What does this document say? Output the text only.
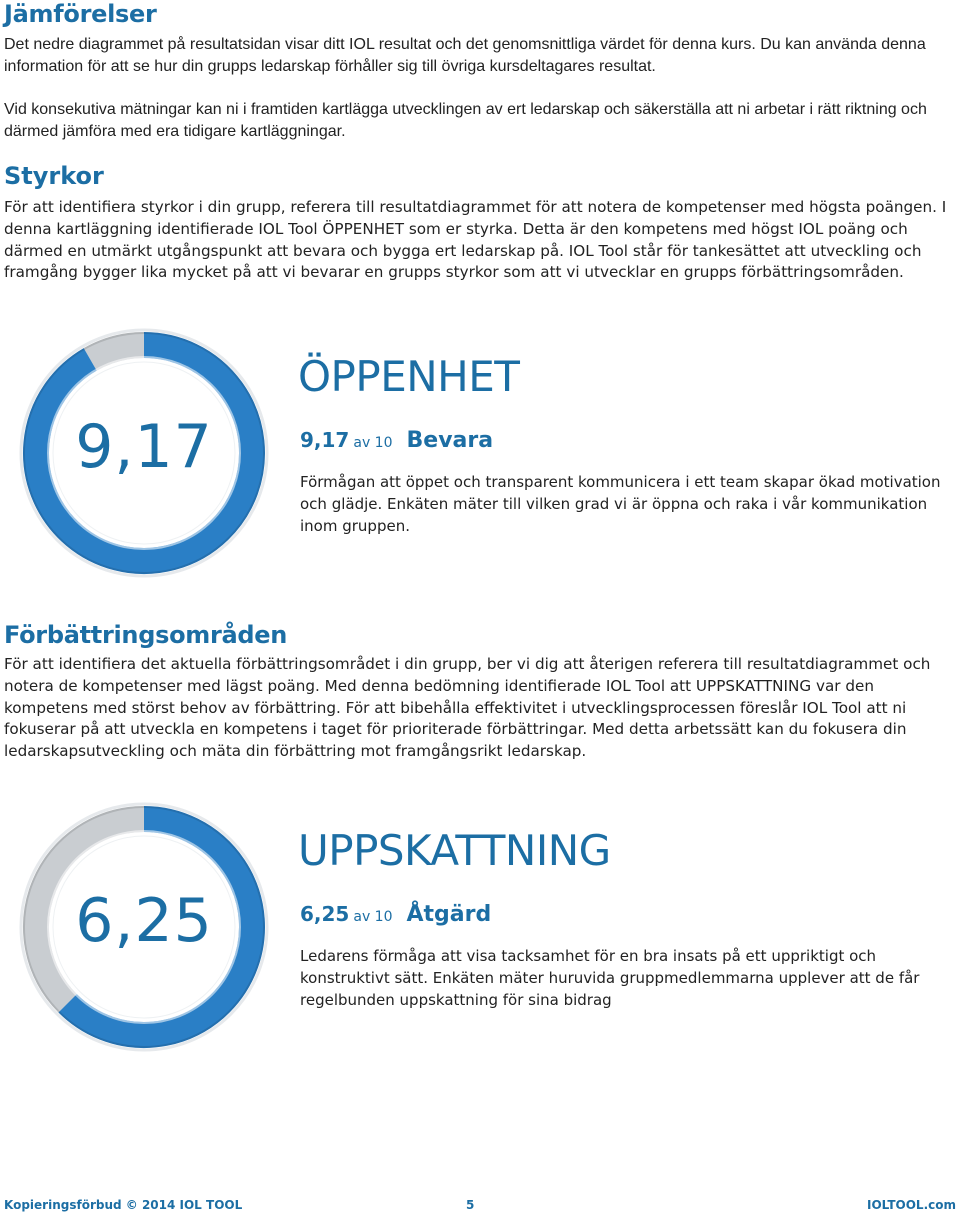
Jämförelser

Det nedre diagrammet på resultatsidan visar ditt IOL resultat och det genomsnittliga värdet för denna kurs. Du kan använda denna information för att se hur din grupps ledarskap förhåller sig till övriga kursdeltagares resultat.

Vid konsekutiva mätningar kan ni i framtiden kartlägga utvecklingen av ert ledarskap och säkerställa att ni arbetar i rätt riktning och därmed jämföra med era tidigare kartläggningar.

Styrkor

För att identifiera styrkor i din grupp, referera till resultatdiagrammet för att notera de kompetenser med högsta poängen. I denna kartläggning identifierade IOL Tool ÖPPENHET som er styrka. Detta är den kompetens med högst IOL poäng och därmed en utmärkt utgångspunkt att bevara och bygga ert ledarskap på. IOL Tool står för tankesättet att utveckling och framgång bygger lika mycket på att vi bevarar en grupps styrkor som att vi utvecklar en grupps förbättringsområden.

9,17
ÖPPENHET
9,17 av 10 Bevara

Förmågan att öppet och transparent kommunicera i ett team skapar ökad motivation och glädje. Enkäten mäter till vilken grad vi är öppna och raka i vår kommunikation inom gruppen.

Förbättringsområden

För att identifiera det aktuella förbättringsområdet i din grupp, ber vi dig att återigen referera till resultatdiagrammet och notera de kompetenser med lägst poäng. Med denna bedömning identifierade IOL Tool att UPPSKATTNING var den kompetens med störst behov av förbättring. För att bibehålla effektivitet i utvecklingsprocessen föreslår IOL Tool att ni fokuserar på att utveckla en kompetens i taget för prioriterade förbättringar. Med detta arbetssätt kan du fokusera din ledarskapsutveckling och mäta din förbättring mot framgångsrikt ledarskap.

6,25
UPPSKATTNING
6,25 av 10 Åtgärd

Ledarens förmåga att visa tacksamhet för en bra insats på ett uppriktigt och konstruktivt sätt. Enkäten mäter huruvida gruppmedlemmarna upplever att de får regelbunden uppskattning för sina bidrag

Kopieringsförbud © 2014 IOL TOOL	5	IOLTOOL.com
